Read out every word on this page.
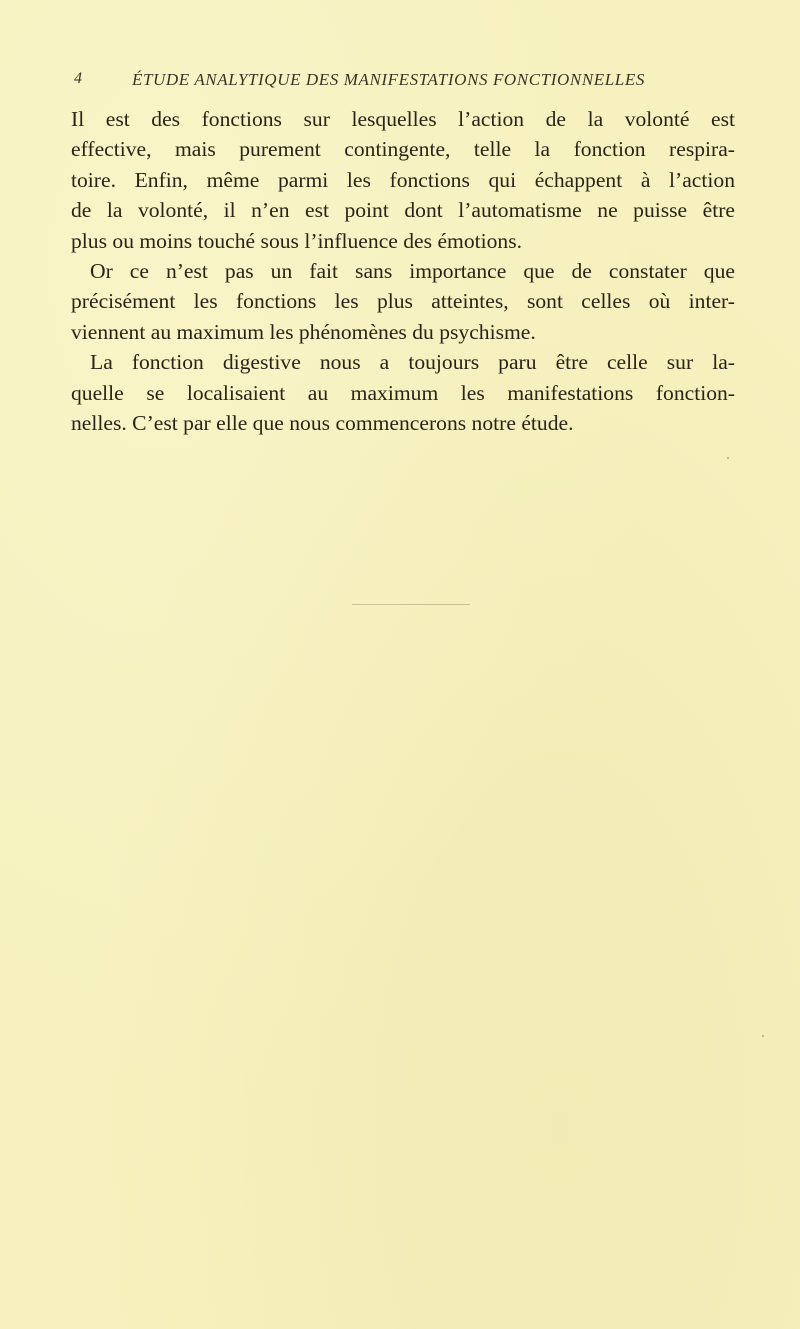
4	ÉTUDE ANALYTIQUE DES MANIFESTATIONS FONCTIONNELLES
Il est des fonctions sur lesquelles l’action de la volonté est
effective, mais purement contingente, telle la fonction respira-
toire. Enfin, même parmi les fonctions qui échappent à l’action
de la volonté, il n’en est point dont l’automatisme ne puisse être
plus ou moins touché sous l’influence des émotions.
Or ce n’est pas un fait sans importance que de constater que
précisément les fonctions les plus atteintes, sont celles où inter-
viennent au maximum les phénomènes du psychisme.
La fonction digestive nous a toujours paru être celle sur la-
quelle se localisaient au maximum les manifestations fonction-
nelles. C’est par elle que nous commencerons notre étude.
